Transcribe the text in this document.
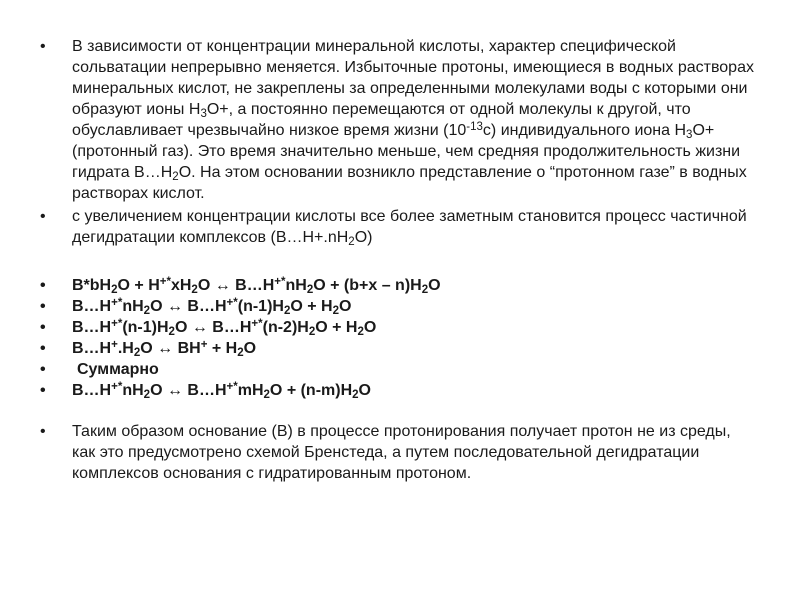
• В зависимости от концентрации минеральной кислоты, характер специфической сольватации непрерывно меняется. Избыточные протоны, имеющиеся в водных растворах минеральных кислот, не закреплены за определенными молекулами воды с которыми они образуют ионы $H_3O+$, а постоянно перемещаются от одной молекулы к другой, что обуславливает чрезвычайно низкое время жизни $(10^{-13}c)$ индивидуального иона $H_3O+$ (протонный газ). Это время значительно меньше, чем средняя продолжительность жизни гидрата $B\dots H_2O$. На этом основании возникло представление о “протонном газе” в водных растворах кислот.
• с увеличением концентрации кислоты все более заметным становится процесс частичной дегидратации комплексов $(B\dots H+.nH_2O)$
• $B*bH_2O + H^{+*}xH_2O$ ↔ $B\dots H^{+*}nH_2O + (b+x - n)H_2O$
• $B\dots H^{+*}nH_2O$ ↔ $B\dots H^{+*}(n-1)H_2O + H_2O$
• $B\dots H^{+*}(n-1)H_2O$ ↔ $B\dots H^{+*}(n-2)H_2O + H_2O$
• $B\dots H^+.H_2O$ ↔ $BH^+ + H_2O$
• Суммарно
• $B\dots H^{+*}nH_2O$ ↔ $B\dots H^{+*}mH_2O + (n-m)H_2O$
• Таким образом основание (B) в процессе протонирования получает протон не из среды, как это предусмотрено схемой Бренстеда, а путем последовательной дегидратации комплексов основания с гидратированным протоном.
